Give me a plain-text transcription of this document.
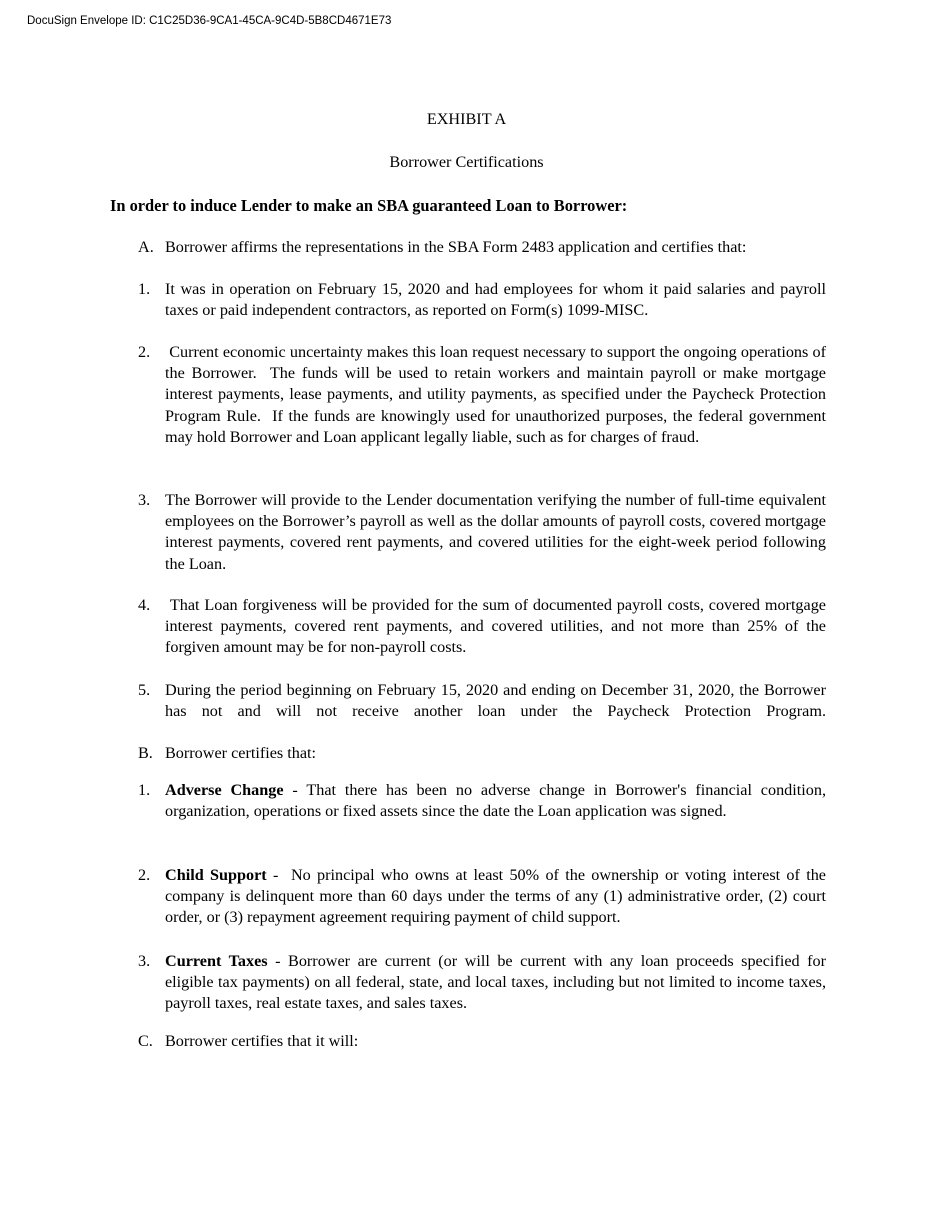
DocuSign Envelope ID: C1C25D36-9CA1-45CA-9C4D-5B8CD4671E73
EXHIBIT A
Borrower Certifications
In order to induce Lender to make an SBA guaranteed Loan to Borrower:
A. Borrower affirms the representations in the SBA Form 2483 application and certifies that:
1. It was in operation on February 15, 2020 and had employees for whom it paid salaries and payroll taxes or paid independent contractors, as reported on Form(s) 1099-MISC.
2. Current economic uncertainty makes this loan request necessary to support the ongoing operations of the Borrower.  The funds will be used to retain workers and maintain payroll or make mortgage interest payments, lease payments, and utility payments, as specified under the Paycheck Protection Program Rule.  If the funds are knowingly used for unauthorized purposes, the federal government may hold Borrower and Loan applicant legally liable, such as for charges of fraud.
3. The Borrower will provide to the Lender documentation verifying the number of full-time equivalent employees on the Borrower’s payroll as well as the dollar amounts of payroll costs, covered mortgage interest payments, covered rent payments, and covered utilities for the eight-week period following the Loan.
4. That Loan forgiveness will be provided for the sum of documented payroll costs, covered mortgage interest payments, covered rent payments, and covered utilities, and not more than 25% of the forgiven amount may be for non-payroll costs.
5. During the period beginning on February 15, 2020 and ending on December 31, 2020, the Borrower has not and will not receive another loan under the Paycheck Protection Program.
B. Borrower certifies that:
1. Adverse Change - That there has been no adverse change in Borrower's financial condition, organization, operations or fixed assets since the date the Loan application was signed.
2. Child Support -  No principal who owns at least 50% of the ownership or voting interest of the company is delinquent more than 60 days under the terms of any (1) administrative order, (2) court order, or (3) repayment agreement requiring payment of child support.
3. Current Taxes - Borrower are current (or will be current with any loan proceeds specified for eligible tax payments) on all federal, state, and local taxes, including but not limited to income taxes, payroll taxes, real estate taxes, and sales taxes.
C. Borrower certifies that it will:
